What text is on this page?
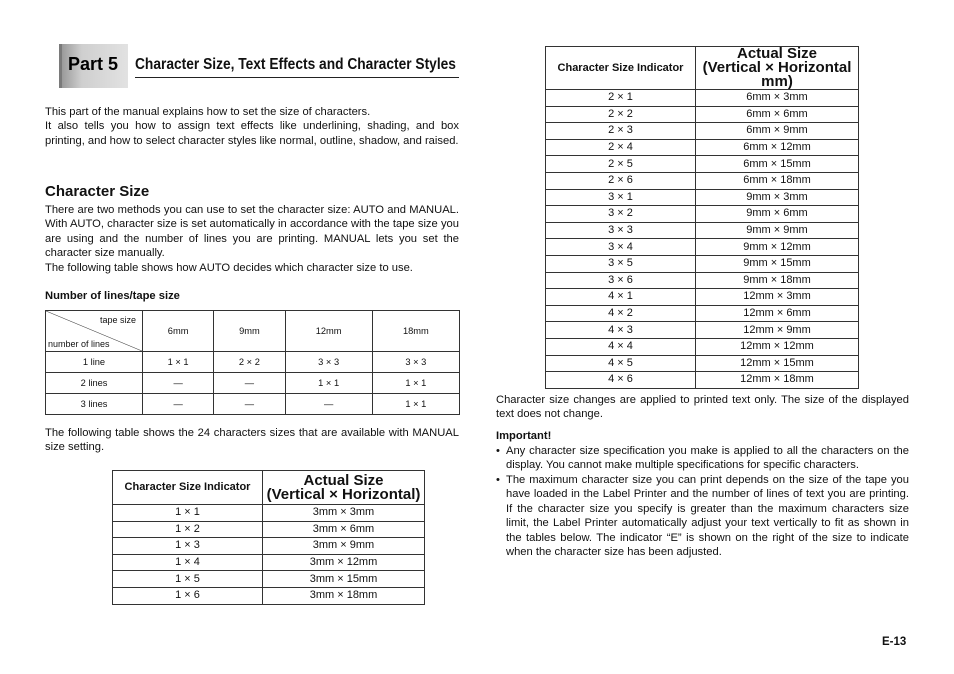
Part 5 Character Size, Text Effects and Character Styles
This part of the manual explains how to set the size of characters.
It also tells you how to assign text effects like underlining, shading, and box printing, and how to select character styles like normal, outline, shadow, and raised.
Character Size
There are two methods you can use to set the character size: AUTO and MANUAL. With AUTO, character size is set automatically in accordance with the tape size you are using and the number of lines you are printing. MANUAL lets you set the character size manually.
The following table shows how AUTO decides which character size to use.
Number of lines/tape size
tape size
number of lines	6mm	9mm	12mm	18mm
1 line	1 × 1	2 × 2	3 × 3	3 × 3
2 lines	—	—	1 × 1	1 × 1
3 lines	—	—	—	1 × 1
The following table shows the 24 characters sizes that are available with MANUAL size setting.
Character Size Indicator	Actual Size
(Vertical × Horizontal)

1 × 1	3mm × 3mm
1 × 2	3mm × 6mm
1 × 3	3mm × 9mm
1 × 4	3mm × 12mm
1 × 5	3mm × 15mm
1 × 6	3mm × 18mm
Character Size Indicator	Actual Size
(Vertical × Horizontal mm)

2 × 1	6mm × 3mm
2 × 2	6mm × 6mm
2 × 3	6mm × 9mm
2 × 4	6mm × 12mm
2 × 5	6mm × 15mm
2 × 6	6mm × 18mm
3 × 1	9mm × 3mm
3 × 2	9mm × 6mm
3 × 3	9mm × 9mm
3 × 4	9mm × 12mm
3 × 5	9mm × 15mm
3 × 6	9mm × 18mm
4 × 1	12mm × 3mm
4 × 2	12mm × 6mm
4 × 3	12mm × 9mm
4 × 4	12mm × 12mm
4 × 5	12mm × 15mm
4 × 6	12mm × 18mm
Character size changes are applied to printed text only. The size of the displayed text does not change.
Important!
• Any character size specification you make is applied to all the characters on the display. You cannot make multiple specifications for specific characters.
• The maximum character size you can print depends on the size of the tape you have loaded in the Label Printer and the number of lines of text you are printing. If the character size you specify is greater than the maximum characters size limit, the Label Printer automatically adjust your text vertically to fit as shown in the tables below. The indicator “E” is shown on the right of the size to indicate when the character size has been adjusted.
E-13
